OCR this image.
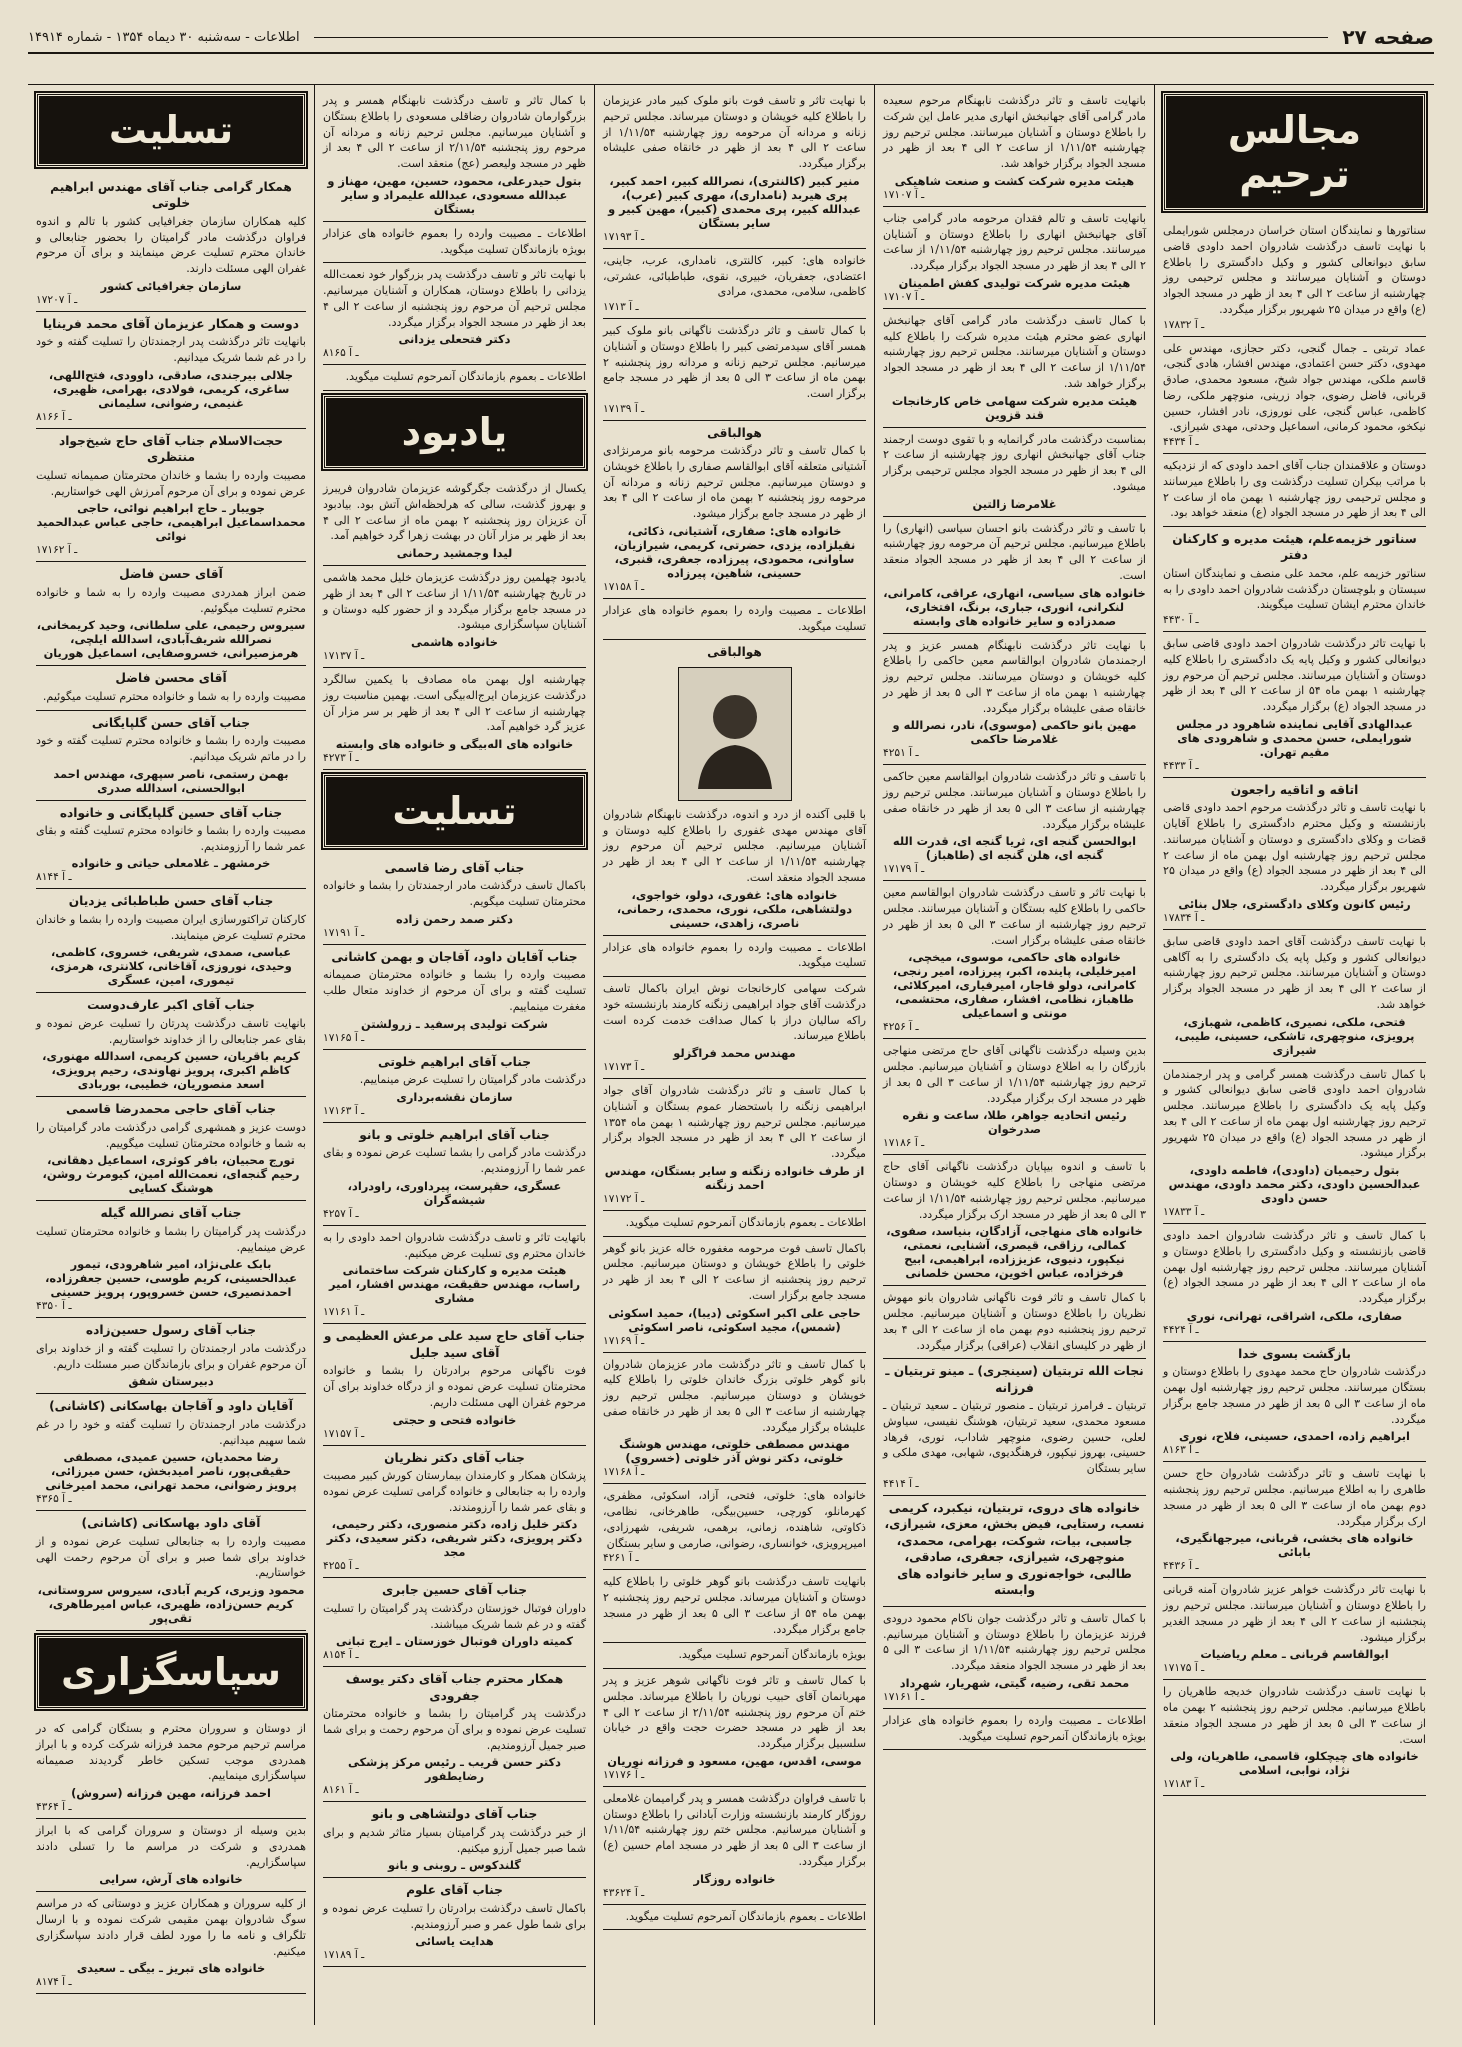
صفحه ۲۷
اطلاعات - سه‌شنبه ۳۰ دیماه ۱۳۵۴ - شماره ۱۴۹۱۴
مجالس ترحیم

سناتورها و نمایندگان استان خراسان درمجلس شورایملی با نهایت تاسف درگذشت شادروان احمد داودی قاضی سابق دیوانعالی کشور و وکیل دادگستری را باطلاع دوستان و آشنایان میرسانند و مجلس ترحیمی روز چهارشنبه از ساعت ۲ الی ۴ بعد از ظهر در مسجد الجواد (ع) واقع در میدان ۲۵ شهریور برگزار میگردد.

۱۷۸۳۲ ـ آ

عماد تربتی ـ جمال گنجی، دکتر حجازی، مهندس علی مهدوی، دکتر حسن اعتمادی، مهندس افشار، هادی گنجی، قاسم ملکی، مهندس جواد شیخ، مسعود محمدی، صادق قربانی، فاضل رضوی، جواد زرینی، منوچهر ملکی، رضا کاظمی، عباس گنجی، علی نوروزی، نادر افشار، حسین نیکخو، محمود کرمانی، اسماعیل وحدتی، مهدی شیرازی.

۴۴۳۴ ـ آ

دوستان و علاقمندان جناب آقای احمد داودی که از نزدیکیه با مراتب بیکران تسلیت درگذشت وی را باطلاع میرسانند و مجلس ترحیمی روز چهارشنبه ۱ بهمن ماه از ساعت ۲ الی ۴ بعد از ظهر در مسجد الجواد (ع) منعقد خواهد بود.

سناتور خزیمه‌علم، هیئت مدیره و کارکنان دفتر

سناتور خزیمه علم، محمد علی منصف و نمایندگان استان سیستان و بلوچستان درگذشت شادروان احمد داودی را به خاندان محترم ایشان تسلیت میگویند.

۴۴۳۰ ـ آ

با نهایت تاثر درگذشت شادروان احمد داودی قاضی سابق دیوانعالی کشور و وکیل پایه یک دادگستری را باطلاع کلیه دوستان و آشنایان میرسانند. مجلس ترحیم آن مرحوم روز چهارشنبه ۱ بهمن ماه ۵۴ از ساعت ۲ الی ۴ بعد از ظهر در مسجد الجواد (ع) برگزار میگردد.

عبدالهادی آقایی نماینده شاهرود در مجلس شورایملی، حسن محمدی و شاهرودی های مقیم تهران.
۴۴۳۳ ـ آ
اتاقه و اتاقیه راجعون

با نهایت تاسف و تاثر درگذشت مرحوم احمد داودی قاضی بازنشسته و وکیل محترم دادگستری را باطلاع آقایان قضات و وکلای دادگستری و دوستان و آشنایان میرسانند. مجلس ترحیم روز چهارشنبه اول بهمن ماه از ساعت ۲ الی ۴ بعد از ظهر در مسجد الجواد (ع) واقع در میدان ۲۵ شهریور برگزار میگردد.

رئیس کانون وکلای دادگستری، جلال بنائی
۱۷۸۳۴ ـ آ

با نهایت تاسف درگذشت آقای احمد داودی قاضی سابق دیوانعالی کشور و وکیل پایه یک دادگستری را به آگاهی دوستان و آشنایان میرسانند. مجلس ترحیم روز چهارشنبه از ساعت ۲ الی ۴ بعد از ظهر در مسجد الجواد برگزار خواهد شد.

فتحی، ملکی، نصیری، کاظمی، شهبازی، پرویزی، منوچهری، تاشکی، حسینی، طیبی، شیرازی

با کمال تاسف درگذشت همسر گرامی و پدر ارجمندمان شادروان احمد داودی قاضی سابق دیوانعالی کشور و وکیل پایه یک دادگستری را باطلاع میرسانند. مجلس ترحیم روز چهارشنبه اول بهمن ماه از ساعت ۲ الی ۴ بعد از ظهر در مسجد الجواد (ع) واقع در میدان ۲۵ شهریور برگزار میشود.

بتول رحیمیان (داودی)، فاطمه داودی، عبدالحسین داودی، دکتر محمد داودی، مهندس حسن داودی
۱۷۸۳۳ ـ آ

با کمال تاسف و تاثر درگذشت شادروان احمد داودی قاضی بازنشسته و وکیل دادگستری را باطلاع دوستان و آشنایان میرسانند. مجلس ترحیم روز چهارشنبه اول بهمن ماه از ساعت ۲ الی ۴ بعد از ظهر در مسجد الجواد (ع) برگزار میگردد.

صفاری، ملکی، اشراقی، تهرانی، نوری
۴۴۲۴ ـ آ
بازگشت بسوی خدا

درگذشت شادروان حاج محمد مهدوی را باطلاع دوستان و بستگان میرسانند. مجلس ترحیم روز چهارشنبه اول بهمن ماه از ساعت ۳ الی ۵ بعد از ظهر در مسجد جامع برگزار میگردد.

ابراهیم زاده، احمدی، حسینی، فلاح، نوری
۸۱۶۳ ـ آ

با نهایت تاسف و تاثر درگذشت شادروان حاج حسن طاهری را به اطلاع میرسانیم. مجلس ترحیم روز پنجشنبه دوم بهمن ماه از ساعت ۳ الی ۵ بعد از ظهر در مسجد ارک برگزار میگردد.

خانواده های بخشی، قربانی، میرجهانگیری، بابائی
۴۴۳۶ ـ آ

با نهایت تاثر درگذشت خواهر عزیز شادروان آمنه قربانی را باطلاع دوستان و آشنایان میرسانند. مجلس ترحیم روز پنجشنبه از ساعت ۲ الی ۴ بعد از ظهر در مسجد الغدیر برگزار میشود.

ابوالقاسم قربانی ـ معلم ریاضیات
۱۷۱۷۵ ـ آ

با نهایت تاسف درگذشت شادروان خدیجه طاهریان را باطلاع میرسانیم. مجلس ترحیم روز پنجشنبه ۲ بهمن ماه از ساعت ۳ الی ۵ بعد از ظهر در مسجد الجواد منعقد است.

خانواده های چیچکلو، قاسمی، طاهریان، ولی نژاد، نوابی، اسلامی
۱۷۱۸۳ ـ آ

بانهایت تاسف و تاثر درگذشت نابهنگام مرحوم سعیده مادر گرامی آقای جهانبخش انهاری مدیر عامل این شرکت را باطلاع دوستان و آشنایان میرسانند. مجلس ترحیم روز چهارشنبه ۱/۱۱/۵۴ از ساعت ۲ الی ۴ بعد از ظهر در مسجد الجواد برگزار خواهد شد.

هیئت مدیره شرکت کشت و صنعت شاهیکی
۱۷۱۰۷ ـ آ

بانهایت تاسف و تالم فقدان مرحومه مادر گرامی جناب آقای جهانبخش انهاری را باطلاع دوستان و آشنایان میرسانند. مجلس ترحیم روز چهارشنبه ۱/۱۱/۵۴ از ساعت ۲ الی ۴ بعد از ظهر در مسجد الجواد برگزار میگردد.

هیئت مدیره شرکت تولیدی کفش اطمینان
۱۷۱۰۷ ـ آ

با کمال تاسف درگذشت مادر گرامی آقای جهانبخش انهاری عضو محترم هیئت مدیره شرکت را باطلاع کلیه دوستان و آشنایان میرسانند. مجلس ترحیم روز چهارشنبه ۱/۱۱/۵۴ از ساعت ۲ الی ۴ بعد از ظهر در مسجد الجواد برگزار خواهد شد.

هیئت مدیره شرکت سهامی خاص کارخانجات قند قزوین

بمناسبت درگذشت مادر گرانمایه و با تقوی دوست ارجمند جناب آقای جهانبخش انهاری روز چهارشنبه از ساعت ۲ الی ۴ بعد از ظهر در مسجد الجواد مجلس ترحیمی برگزار میشود.

غلامرضا زالتین

با تاسف و تاثر درگذشت بانو احسان سیاسی (انهاری) را باطلاع میرسانیم. مجلس ترحیم آن مرحومه روز چهارشنبه از ساعت ۲ الی ۴ بعد از ظهر در مسجد الجواد منعقد است.

خانواده های سیاسی، انهاری، عراقی، کامرانی، لنکرانی، انوری، جباری، برنگ، افتخاری، صمدزاده و سایر خانواده های وابسته

با نهایت تاثر درگذشت نابهنگام همسر عزیز و پدر ارجمندمان شادروان ابوالقاسم معین حاکمی را باطلاع کلیه خویشان و دوستان میرسانند. مجلس ترحیم روز چهارشنبه ۱ بهمن ماه از ساعت ۳ الی ۵ بعد از ظهر در خانقاه صفی علیشاه برگزار میگردد.

مهین بانو حاکمی (موسوی)، نادر، نصرالله و غلامرضا حاکمی
۴۲۵۱ ـ آ

با تاسف و تاثر درگذشت شادروان ابوالقاسم معین حاکمی را باطلاع دوستان و آشنایان میرسانند. مجلس ترحیم روز چهارشنبه از ساعت ۳ الی ۵ بعد از ظهر در خانقاه صفی علیشاه برگزار میگردد.

ابوالحسن گنجه ای، ثریا گنجه ای، قدرت الله گنجه ای، هلن گنجه ای (طاهباز)
۱۷۱۷۹ ـ آ

با نهایت تاثر و تاسف درگذشت شادروان ابوالقاسم معین حاکمی را باطلاع کلیه بستگان و آشنایان میرسانند. مجلس ترحیم روز چهارشنبه از ساعت ۳ الی ۵ بعد از ظهر در خانقاه صفی علیشاه برگزار است.

خانواده های حاکمی، موسوی، میخچی، امیرخلیلی، پاینده، اکبر، پیرزاده، امیر رنجی، کامرانی، دولو قاجار، امیرفیاری، امیرکلائی، طاهباز، نظامی، افشار، صفاری، محتشمی، مونتی و اسماعیلی
۴۲۵۶ ـ آ

بدین وسیله درگذشت ناگهانی آقای حاج مرتضی منهاجی بازرگان را به اطلاع دوستان و آشنایان میرسانیم. مجلس ترحیم روز چهارشنبه ۱/۱۱/۵۴ از ساعت ۳ الی ۵ بعد از ظهر در مسجد ارک برگزار میگردد.

رئیس اتحادیه جواهر، طلا، ساعت و نقره صدرخوان
۱۷۱۸۶ ـ آ

با تاسف و اندوه بیپایان درگذشت ناگهانی آقای حاج مرتضی منهاجی را باطلاع کلیه خویشان و دوستان میرسانیم. مجلس ترحیم روز چهارشنبه ۱/۱۱/۵۴ از ساعت ۳ الی ۵ بعد از ظهر در مسجد ارک برگزار میگردد.

خانواده های منهاجی، آزادگان، بنیاسد، صفوی، کمالی، رزاقی، قیصری، آشنایی، نعمتی، نیکپور، دنیوی، عزیززاده، ابراهیمی، ابیح فرخزاده، عباس اخوین، محسن خلصانی

با کمال تاسف و تاثر فوت ناگهانی شادروان بانو مهوش نظریان را باطلاع دوستان و آشنایان میرسانیم. مجلس ترحیم روز پنجشنبه دوم بهمن ماه از ساعت ۲ الی ۴ بعد از ظهر در کلیسای انقلاب (عراقی) برگزار میگردد.

نجات الله تربتیان (سینجری) ـ مینو تربتیان ـ فرزانه

تربتیان ـ فرامرز تربتیان ـ منصور تربتیان ـ سعید تربتیان ـ مسعود محمدی، سعید تربتیان، هوشنگ نفیسی، سیاوش لعلی، حسین رضوی، منوچهر شاداب، نوری، فرهاد حسینی، بهروز نیکپور، فرهنگدیوی، شهابی، مهدی ملکی و سایر بستگان

۴۴۱۴ ـ آ
خانواده های دروی، تربتیان، نیکبرد، کریمی نسب، رستایی، فیض بخش، معزی، شیرازی، جاسبی، بیات، شوکت، بهرامی، محمدی، منوچهری، شیرازی، جعفری، صادقی، طالبی، خواجه‌نوری و سایر خانواده های وابسته

با کمال تاسف و تاثر درگذشت جوان ناکام محمود درودی فرزند عزیزمان را باطلاع دوستان و آشنایان میرسانیم. مجلس ترحیم روز چهارشنبه ۱/۱۱/۵۴ از ساعت ۳ الی ۵ بعد از ظهر در مسجد الجواد منعقد میگردد.

محمد تقی، رضیه، گیتی، شهریار، شهرداد
۱۷۱۶۱ ـ آ

اطلاعات ـ مصیبت وارده را بعموم خانواده های عزادار بویژه بازماندگان آنمرحوم تسلیت میگوید.

با نهایت تاثر و تاسف فوت بانو ملوک کبیر مادر عزیزمان را باطلاع کلیه خویشان و دوستان میرساند. مجلس ترحیم زنانه و مردانه آن مرحومه روز چهارشنبه ۱/۱۱/۵۴ از ساعت ۲ الی ۴ بعد از ظهر در خانقاه صفی علیشاه برگزار میگردد.

منیر کبیر (کالنتری)، نصرالله کبیر، احمد کبیر، پری هیربد (نامداری)، مهری کبیر (عرب)، عبدالله کبیر، پری محمدی (کبیر)، مهین کبیر و سایر بستگان
۱۷۱۹۳ ـ آ

خانواده های: کبیر، کالنتری، نامداری، عرب، جاینی، اعتضادی، جعفریان، خبیری، نقوی، طباطبائی، عشرتی، کاظمی، سلامی، محمدی، مرادی

۱۷۱۳ ـ آ

با کمال تاسف و تاثر درگذشت ناگهانی بانو ملوک کبیر همسر آقای سیدمرتضی کبیر را باطلاع دوستان و آشنایان میرسانیم. مجلس ترحیم زنانه و مردانه روز پنجشنبه ۲ بهمن ماه از ساعت ۳ الی ۵ بعد از ظهر در مسجد جامع برگزار است.

۱۷۱۳۹ ـ آ
هوالباقی

با کمال تاسف و تاثر درگذشت مرحومه بانو مرمرنژادی آشتیانی متعلقه آقای ابوالقاسم صفاری را باطلاع خویشان و دوستان میرسانیم. مجلس ترحیم زنانه و مردانه آن مرحومه روز پنجشنبه ۲ بهمن ماه از ساعت ۲ الی ۴ بعد از ظهر در مسجد جامع برگزار میشود.

خانواده های: صفاری، آشتیانی، ذکائی، نقیلزاده، یزدی، حضرتی، کریمی، شیرازیان، ساوانی، محمودی، پیرزاده، جعفری، قنبری، حسینی، شاهین، پیرزاده
۱۷۱۵۸ ـ آ

اطلاعات ـ مصیبت وارده را بعموم خانواده های عزادار تسلیت میگوید.

هوالباقی

با قلبی آکنده از درد و اندوه، درگذشت نابهنگام شادروان آقای مهندس مهدی غفوری را باطلاع کلیه دوستان و آشنایان میرسانیم. مجلس ترحیم آن مرحوم روز چهارشنبه ۱/۱۱/۵۴ از ساعت ۲ الی ۴ بعد از ظهر در مسجد الجواد منعقد است.

خانواده های: غفوری، دولو، خواجوی، دولتشاهی، ملکی، نوری، محمدی، رحمانی، ناصری، زاهدی، حسینی

اطلاعات ـ مصیبت وارده را بعموم خانواده های عزادار تسلیت میگوید.

شرکت سهامی کارخانجات نوش ایران باکمال تاسف درگذشت آقای جواد ابراهیمی زنگنه کارمند بازنشسته خود راکه سالیان دراز با کمال صداقت خدمت کرده است باطلاع میرساند.

مهندس محمد فراگزلو
۱۷۱۷۳ ـ آ

با کمال تاسف و تاثر درگذشت شادروان آقای جواد ابراهیمی زنگنه را باستحضار عموم بستگان و آشنایان میرسانیم. مجلس ترحیم روز چهارشنبه ۱ بهمن ماه ۱۳۵۴ از ساعت ۲ الی ۴ بعد از ظهر در مسجد الجواد برگزار میگردد.

از طرف خانواده زنگنه و سایر بستگان، مهندس احمد زنگنه
۱۷۱۷۲ ـ آ

اطلاعات ـ بعموم بازماندگان آنمرحوم تسلیت میگوید.

باکمال تاسف فوت مرحومه مغفوره خاله عزیز بانو گوهر خلوتی را باطلاع خویشان و دوستان میرسانیم. مجلس ترحیم روز پنجشنبه از ساعت ۲ الی ۴ بعد از ظهر در مسجد جامع برگزار است.

حاجی علی اکبر اسکوئی (دیبا)، حمید اسکوئی (شمس)، مجید اسکوئی، ناصر اسکوئی
۱۷۱۶۹ ـ آ

با کمال تاسف و تاثر درگذشت مادر عزیزمان شادروان بانو گوهر خلوتی بزرگ خاندان خلوتی را باطلاع کلیه خویشان و دوستان میرسانیم. مجلس ترحیم روز چهارشنبه از ساعت ۳ الی ۵ بعد از ظهر در خانقاه صفی علیشاه برگزار میگردد.

مهندس مصطفی خلوتی، مهندس هوشنگ خلوتی، دکتر نوش آذر خلوتی (خسروی)
۱۷۱۶۸ ـ آ

خانواده های: خلوتی، فتحی، آزاد، اسکوئی، مظفری، کهرمانلو، کورچی، حسین‌بیگی، طاهرخانی، نظامی، ذکاوتی، شاهنده، زمانی، برهمی، شریفی، شهرزادی، امیرپرویزی، خوانساری، رضوانی، صارمی و سایر بستگان

۴۲۶۱ ـ آ

بانهایت تاسف درگذشت بانو گوهر خلوتی را باطلاع کلیه دوستان و آشنایان میرساند. مجلس ترحیم روز پنجشنبه ۲ بهمن ماه ۵۴ از ساعت ۳ الی ۵ بعد از ظهر در مسجد جامع برگزار میگردد.

بویژه بازماندگان آنمرحوم تسلیت میگوید.

با کمال تاسف و تاثر فوت ناگهانی شوهر عزیز و پدر مهربانمان آقای حبیب نوریان را باطلاع میرساند. مجلس ختم آن مرحوم روز پنجشنبه ۲/۱۱/۵۴ از ساعت ۲ الی ۴ بعد از ظهر در مسجد حضرت حجت واقع در خیابان سلسبیل برگزار میگردد.

موسی، اقدس، مهین، مسعود و فرزانه نوریان
۱۷۱۷۶ ـ آ

با تاسف فراوان درگذشت همسر و پدر گرامیمان غلامعلی روزگار کارمند بازنشسته وزارت آبادانی را باطلاع دوستان و آشنایان میرسانیم. مجلس ختم روز چهارشنبه ۱/۱۱/۵۴ از ساعت ۳ الی ۵ بعد از ظهر در مسجد امام حسین (ع) برگزار میگردد.

خانواده روزگار
۴۳۶۲۴ ـ آ

اطلاعات ـ بعموم بازماندگان آنمرحوم تسلیت میگوید.

با کمال تاثر و تاسف درگذشت نابهنگام همسر و پدر بزرگوارمان شادروان رضاقلی مسعودی را باطلاع بستگان و آشنایان میرسانیم. مجلس ترحیم زنانه و مردانه آن مرحوم روز پنجشنبه ۲/۱۱/۵۴ از ساعت ۲ الی ۴ بعد از ظهر در مسجد ولیعصر (عج) منعقد است.

بتول حیدرعلی، محمود، حسین، مهین، مهناز و عبدالله مسعودی، عبدالله علیمراد و سایر بستگان

اطلاعات ـ مصیبت وارده را بعموم خانواده های عزادار بویژه بازماندگان تسلیت میگوید.

با نهایت تاثر و تاسف درگذشت پدر بزرگوار خود نعمت‌الله یزدانی را باطلاع دوستان، همکاران و آشنایان میرسانیم. مجلس ترحیم آن مرحوم روز پنجشنبه از ساعت ۲ الی ۴ بعد از ظهر در مسجد الجواد برگزار میگردد.

دکتر فتحعلی یزدانی
۸۱۶۵ ـ آ

اطلاعات ـ بعموم بازماندگان آنمرحوم تسلیت میگوید.

یادبود

یکسال از درگذشت جگرگوشه عزیزمان شادروان فریبرز و بهروز گذشت، سالی که هرلحظه‌اش آتش بود. بیادبود آن عزیزان روز پنجشنبه ۲ بهمن ماه از ساعت ۲ الی ۴ بعد از ظهر بر مزار آنان در بهشت زهرا گرد خواهیم آمد.

لیدا وجمشید رحمانی

یادبود چهلمین روز درگذشت عزیزمان خلیل محمد هاشمی در تاریخ چهارشنبه ۱/۱۱/۵۴ از ساعت ۲ الی ۴ بعد از ظهر در مسجد جامع برگزار میگردد و از حضور کلیه دوستان و آشنایان سپاسگزاری میشود.

خانواده هاشمی
۱۷۱۳۷ ـ آ

چهارشنبه اول بهمن ماه مصادف با یکمین سالگرد درگذشت عزیزمان ایرج‌اله‌بیگی است. بهمین مناسبت روز چهارشنبه از ساعت ۲ الی ۴ بعد از ظهر بر سر مزار آن عزیز گرد خواهیم آمد.

خانواده های اله‌بیگی و خانواده های وابسته
۴۲۷۳ ـ آ
تسلیت
جناب آقای رضا قاسمی

باکمال تاسف درگذشت مادر ارجمندتان را بشما و خانواده محترمتان تسلیت میگویم.

دکتر صمد رحمن زاده
۱۷۱۹۱ ـ آ
جناب آقایان داود، آقاجان و بهمن کاشانی

مصیبت وارده را بشما و خانواده محترمتان صمیمانه تسلیت گفته و برای آن مرحوم از خداوند متعال طلب مغفرت مینماییم.

شرکت تولیدی پرسفید ـ زرولشتن
۱۷۱۶۵ ـ آ
جناب آقای ابراهیم خلوتی

درگذشت مادر گرامیتان را تسلیت عرض مینماییم.

سازمان نقشه‌برداری
۱۷۱۶۳ ـ آ
جناب آقای ابراهیم خلوتی و بانو

درگذشت مادر گرامی را بشما تسلیت عرض نموده و بقای عمر شما را آرزومندیم.

عسگری، حقپرست، پیرداوری، راودراد، شیشه‌گران
۴۲۵۷ ـ آ

باتهایت تاثر و تاسف درگذشت شادروان احمد داودی را به خاندان محترم وی تسلیت عرض میکنیم.

هیئت مدیره و کارکنان شرکت ساختمانی راساب، مهندس حقیقت، مهندس افشار، امیر مشاری
۱۷۱۶۱ ـ آ
جناب آقای حاج سید علی مرعش العظیمی و آقای سید جلیل

فوت ناگهانی مرحوم برادرتان را بشما و خانواده محترمتان تسلیت عرض نموده و از درگاه خداوند برای آن مرحوم غفران الهی مسئلت داریم.

خانواده فتحی و حجتی
۱۷۱۵۷ ـ آ
جناب آقای دکتر نظریان

پزشکان همکار و کارمندان بیمارستان کورش کبیر مصیبت وارده را به جنابعالی و خانواده گرامی تسلیت عرض نموده و بقای عمر شما را آرزومندند.

دکتر خلیل زاده، دکتر منصوری، دکتر رحیمی، دکتر پرویزی، دکتر شریفی، دکتر سعیدی، دکتر مجد
۴۲۵۵ ـ آ
جناب آقای حسین جابری

داوران فوتبال خوزستان درگذشت پدر گرامیتان را تسلیت گفته و در غم شما شریک میباشند.

کمیته داوران فوتبال خوزستان ـ ایرج تبانی
۸۱۵۴ ـ آ
همکار محترم جناب آقای دکتر یوسف جفرودی

درگذشت پدر گرامیتان را بشما و خانواده محترمتان تسلیت عرض نموده و برای آن مرحوم رحمت و برای شما صبر جمیل آرزومندیم.

دکتر حسن قریب ـ رئیس مرکز پزشکی رضایطفور
۸۱۶۱ ـ آ
جناب آقای دولتشاهی و بانو

از خبر درگذشت پدر گرامیتان بسیار متاثر شدیم و برای شما صبر جمیل آرزو میکنیم.

گلندکوس ـ روبنی و بانو
جناب آقای علوم

باکمال تاسف درگذشت برادرتان را تسلیت عرض نموده و برای شما طول عمر و صبر آرزومندیم.

هدایت یاسائی
۱۷۱۸۹ ـ آ
تسلیت
همکار گرامی جناب آقای مهندس ابراهیم خلوتی

کلیه همکاران سازمان جغرافیایی کشور با تالم و اندوه فراوان درگذشت مادر گرامیتان را بحضور جنابعالی و خاندان محترم تسلیت عرض مینمایند و برای آن مرحوم غفران الهی مسئلت دارند.

سازمان جغرافیائی کشور
۱۷۲۰۷ ـ آ
دوست و همکار عزیزمان آقای محمد فرینایا

بانهایت تاثر درگذشت پدر ارجمندتان را تسلیت گفته و خود را در غم شما شریک میدانیم.

جلالی بیرجندی، صادقی، داوودی، فتح‌اللهی، ساغری، کریمی، فولادی، بهرامی، ظهیری، غنیمی، رضوانی، سلیمانی
۸۱۶۶ ـ آ
حجت‌الاسلام جناب آقای حاج شیخ‌جواد منتظری

مصیبت وارده را بشما و خاندان محترمتان صمیمانه تسلیت عرض نموده و برای آن مرحوم آمرزش الهی خواستاریم.

جویبار ـ حاج ابراهیم نوائی، حاجی محمداسماعیل ابراهیمی، حاجی عباس عبدالحمید نوائی
۱۷۱۶۲ ـ آ
آقای حسن فاضل

ضمن ابراز همدردی مصیبت وارده را به شما و خانواده محترم تسلیت میگوئیم.

سیروس رحیمی، علی سلطانی، وحید کریمخانی، نصرالله شریف‌آبادی، اسدالله ایلچی، هرمزصیرانی، خسروصفایی، اسماعیل هوریان
آقای محسن فاضل

مصیبت وارده را به شما و خانواده محترم تسلیت میگوئیم.

جناب آقای حسن گلپایگانی

مصیبت وارده را بشما و خانواده محترم تسلیت گفته و خود را در ماتم شریک میدانیم.

بهمن رستمی، ناصر سپهری، مهندس احمد ابوالحسنی، اسدالله صدری
جناب آقای حسین گلپایگانی و خانواده

مصیبت وارده را بشما و خانواده محترم تسلیت گفته و بقای عمر شما را آرزومندیم.

خرمشهر ـ غلامعلی حیاتی و خانواده
۸۱۴۴ ـ آ
جناب آقای حسن طباطبائی یزدیان

کارکنان تراکتورسازی ایران مصیبت وارده را بشما و خاندان محترم تسلیت عرض مینمایند.

عباسی، صمدی، شریفی، خسروی، کاظمی، وحیدی، نوروزی، آقاخانی، کلانتری، هرمزی، تیموری، امین، عسگری
جناب آقای اکبر عارف‌دوست

بانهایت تاسف درگذشت پدرتان را تسلیت عرض نموده و بقای عمر جنابعالی را از خداوند خواستاریم.

کریم باقریان، حسین کریمی، اسدالله مهنوری، کاظم اکبری، پرویز نهاوندی، رحیم پرویزی، اسعد منصوریان، خطیبی، بوربادی
جناب آقای حاجی محمدرضا قاسمی

دوست عزیز و همشهری گرامی درگذشت مادر گرامیتان را به شما و خانواده محترمتان تسلیت میگوییم.

تورج محبیان، بافر کوثری، اسماعیل دهقانی، رحیم گنجه‌ای، نعمت‌الله امین، کیومرث روشن، هوشنگ کسایی
جناب آقای نصرالله گیله

درگذشت پدر گرامیتان را بشما و خانواده محترمتان تسلیت عرض مینماییم.

بابک علی‌نژاد، امیر شاهرودی، تیمور عبدالحسینی، کریم طوسی، حسین جعفرزاده، احمدنصیری، حسن خسروپور، پرویز حسینی
۴۳۵۰ ـ آ
جناب آقای رسول حسین‌زاده

درگذشت مادر ارجمندتان را تسلیت گفته و از خداوند برای آن مرحوم غفران و برای بازماندگان صبر مسئلت داریم.

دبیرستان شفق
آقایان داود و آقاجان بهاسکانی (کاشانی)

درگذشت مادر ارجمندتان را تسلیت گفته و خود را در غم شما سهیم میدانیم.

رضا محمدیان، حسین عمیدی، مصطفی حقیقی‌پور، ناصر امیدبخش، حسن میرزائی، پرویز رضوانی، محمد تهرانی، محمد امیرخانی
۴۳۶۵ ـ آ
آقای داود بهاسکانی (کاشانی)

مصیبت وارده را به جنابعالی تسلیت عرض نموده و از خداوند برای شما صبر و برای آن مرحوم رحمت الهی خواستاریم.

محمود وزیری، کریم آبادی، سیروس سروستانی، کریم حسن‌زاده، ظهیری، عباس امیرطاهری، تقی‌پور
سپاسگزاری

از دوستان و سروران محترم و بستگان گرامی که در مراسم ترحیم مرحوم محمد فرزانه شرکت کرده و با ابراز همدردی موجب تسکین خاطر گردیدند صمیمانه سپاسگزاری مینماییم.

احمد فرزانه، مهین فرزانه (سروش)
۴۳۶۴ ـ آ

بدین وسیله از دوستان و سروران گرامی که با ابراز همدردی و شرکت در مراسم ما را تسلی دادند سپاسگزاریم.

خانواده های آرش، سرایی

از کلیه سروران و همکاران عزیز و دوستانی که در مراسم سوگ شادروان بهمن مقیمی شرکت نموده و با ارسال تلگراف و نامه ما را مورد لطف قرار دادند سپاسگزاری میکنیم.

خانواده های تبریز ـ بیگی ـ سعیدی
۸۱۷۴ ـ آ
